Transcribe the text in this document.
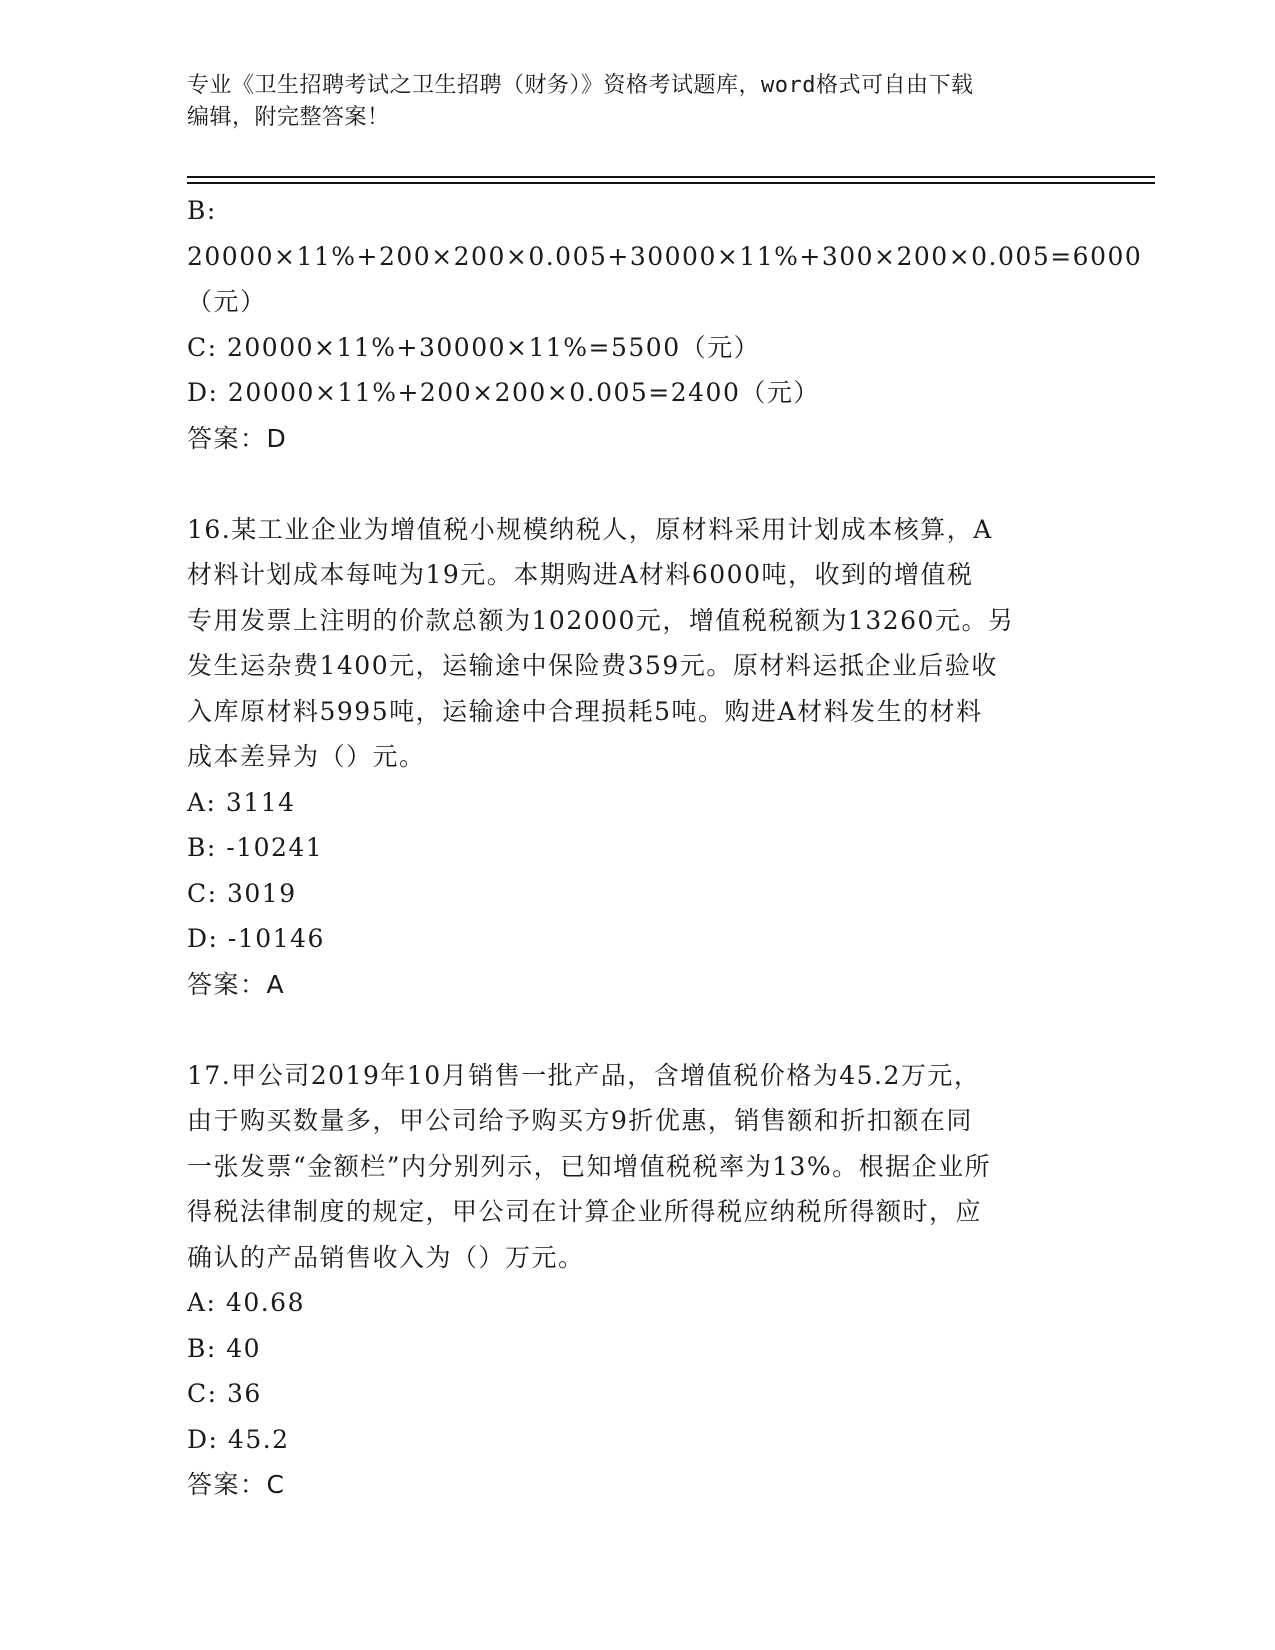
专业《卫生招聘考试之卫生招聘（财务）》资格考试题库，word格式可自由下载
编辑，附完整答案！
B: 20000×11%+200×200×0.005+30000×11%+300×200×0.005=6000
（元）
C: 20000×11%+30000×11%=5500（元）
D: 20000×11%+200×200×0.005=2400（元）
答案：D
16.某工业企业为增值税小规模纳税人，原材料采用计划成本核算，A
材料计划成本每吨为19元。本期购进A材料6000吨，收到的增值税
专用发票上注明的价款总额为102000元，增值税税额为13260元。另
发生运杂费1400元，运输途中保险费359元。原材料运抵企业后验收
入库原材料5995吨，运输途中合理损耗5吨。购进A材料发生的材料
成本差异为（）元。
A: 3114
B: -10241
C: 3019
D: -10146
答案：A
17.甲公司2019年10月销售一批产品，含增值税价格为45.2万元，
由于购买数量多，甲公司给予购买方9折优惠，销售额和折扣额在同
一张发票“金额栏”内分别列示，已知增值税税率为13%。根据企业所
得税法律制度的规定，甲公司在计算企业所得税应纳税所得额时，应
确认的产品销售收入为（）万元。
A: 40.68
B: 40
C: 36
D: 45.2
答案：C
